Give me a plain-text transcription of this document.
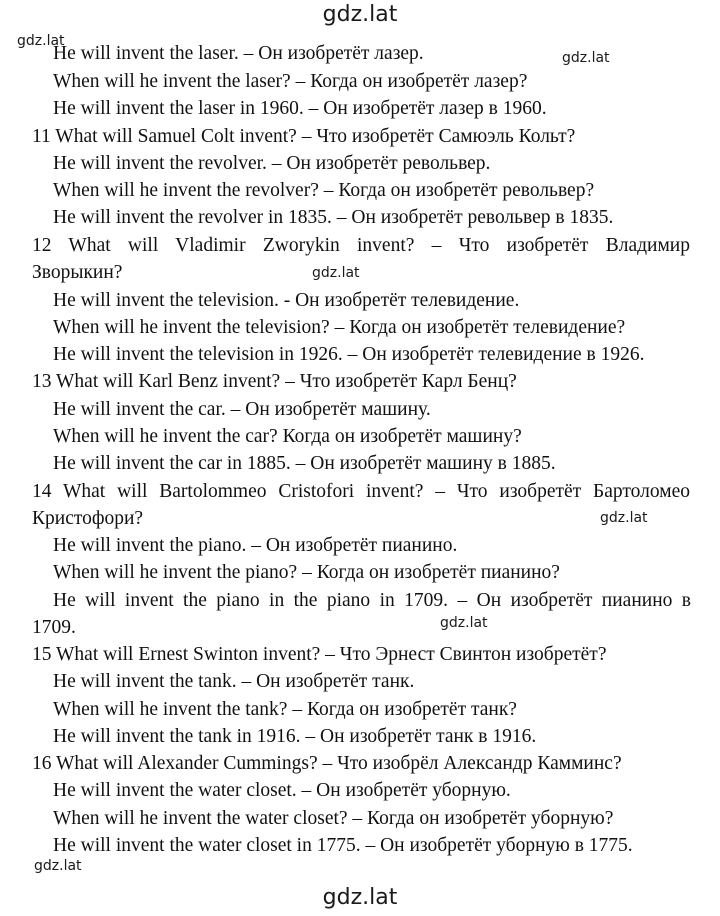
gdz.lat
gdz.lat
gdz.lat
gdz.lat
gdz.lat
gdz.lat
gdz.lat
He will invent the laser. – Он изобретёт лазер.
When will he invent the laser? – Когда он изобретёт лазер?
He will invent the laser in 1960. – Он изобретёт лазер в 1960.
11 What will Samuel Colt invent? – Что изобретёт Самюэль Кольт?
He will invent the revolver. – Он изобретёт револьвер.
When will he invent the revolver? – Когда он изобретёт револьвер?
He will invent the revolver in 1835. – Он изобретёт револьвер в 1835.
12 What will Vladimir Zworykin invent? – Что изобретёт Владимир
Зворыкин?
He will invent the television. - Он изобретёт телевидение.
When will he invent the television? – Когда он изобретёт телевидение?
He will invent the television in 1926. – Он изобретёт телевидение в 1926.
13 What will Karl Benz invent? – Что изобретёт Карл Бенц?
He will invent the car. – Он изобретёт машину.
When will he invent the car? Когда он изобретёт машину?
He will invent the car in 1885. – Он изобретёт машину в 1885.
14 What will Bartolommeo Cristofori invent? – Что изобретёт Бартоломео
Кристофори?
He will invent the piano. – Он изобретёт пианино.
When will he invent the piano? – Когда он изобретёт пианино?
He will invent the piano in the piano in 1709. – Он изобретёт пианино в
1709.
15 What will Ernest Swinton invent? – Что Эрнест Свинтон изобретёт?
He will invent the tank. – Он изобретёт танк.
When will he invent the tank? – Когда он изобретёт танк?
He will invent the tank in 1916. – Он изобретёт танк в 1916.
16 What will Alexander Cummings? – Что изобрёл Александр Камминс?
He will invent the water closet. – Он изобретёт уборную.
When will he invent the water closet? – Когда он изобретёт уборную?
He will invent the water closet in 1775. – Он изобретёт уборную в 1775.
gdz.lat
